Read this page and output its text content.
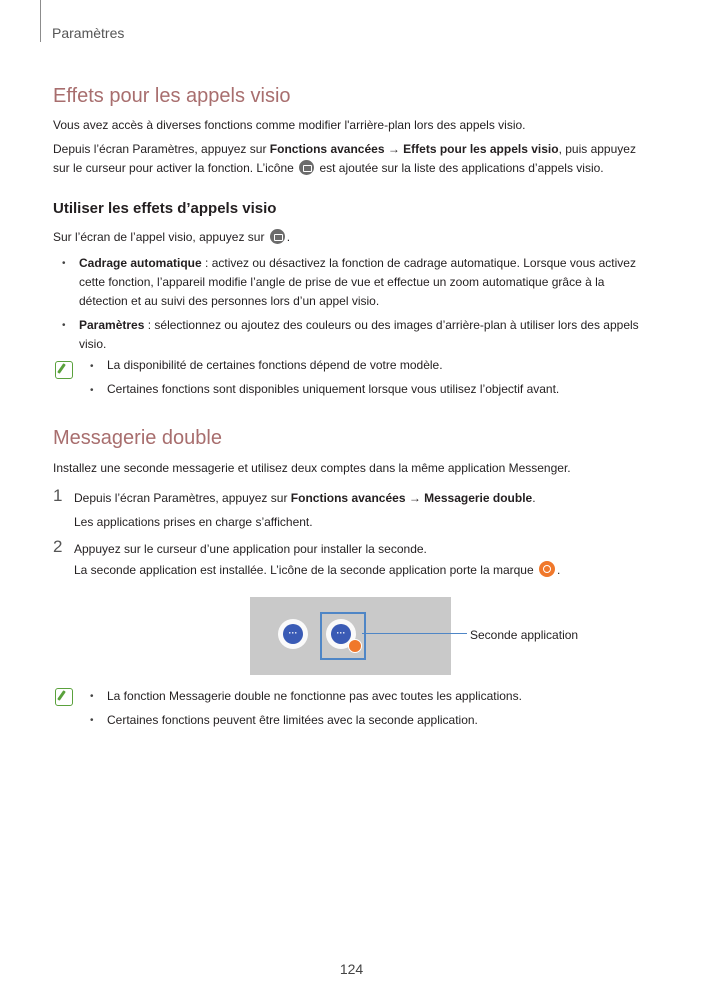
Paramètres
Effets pour les appels visio

Vous avez accès à diverses fonctions comme modifier l'arrière-plan lors des appels visio.

Depuis l’écran Paramètres, appuyez sur Fonctions avancées → Effets pour les appels visio, puis appuyez sur le curseur pour activer la fonction. L’icône  est ajoutée sur la liste des applications d’appels visio.

Utiliser les effets d’appels visio

Sur l’écran de l’appel visio, appuyez sur .

•

Cadrage automatique : activez ou désactivez la fonction de cadrage automatique. Lorsque vous activez cette fonction, l’appareil modifie l’angle de prise de vue et effectue un zoom automatique grâce à la détection et au suivi des personnes lors d’un appel visio.

•

Paramètres : sélectionnez ou ajoutez des couleurs ou des images d’arrière-plan à utiliser lors des appels visio.

•

La disponibilité de certaines fonctions dépend de votre modèle.

•

Certaines fonctions sont disponibles uniquement lorsque vous utilisez l’objectif avant.

Messagerie double

Installez une seconde messagerie et utilisez deux comptes dans la même application Messenger.

1 Depuis l’écran Paramètres, appuyez sur Fonctions avancées → Messagerie double.

Les applications prises en charge s’affichent.

2 Appuyez sur le curseur d’une application pour installer la seconde.

La seconde application est installée. L’icône de la seconde application porte la marque .

···	···	Seconde application
•

La fonction Messagerie double ne fonctionne pas avec toutes les applications.

•

Certaines fonctions peuvent être limitées avec la seconde application.

124
